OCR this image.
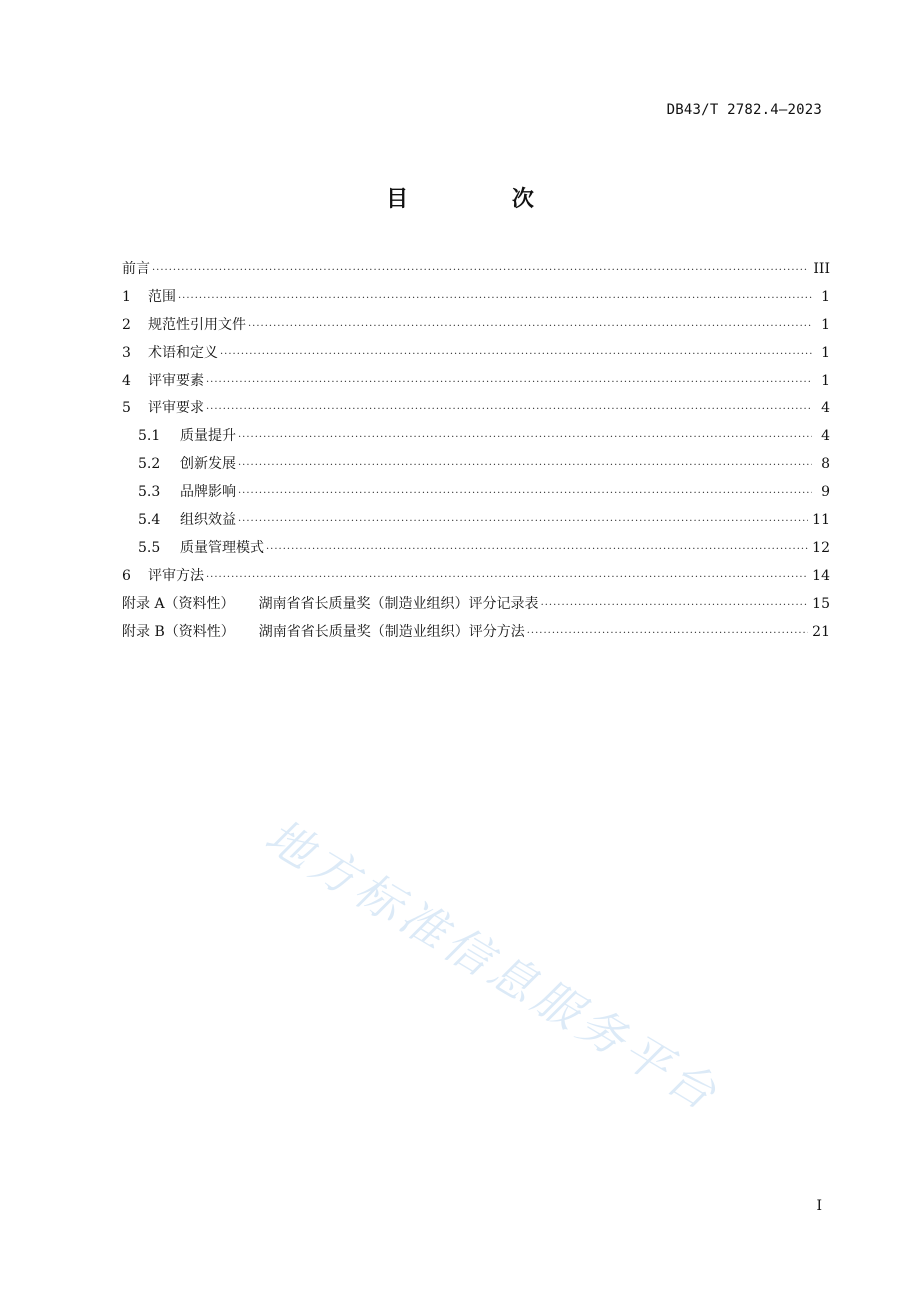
DB43/T 2782.4—2023
目 次
前言 ·····	III
1	范围 ·····	1
2	规范性引用文件 ·····	1
3	术语和定义 ·····	1
4	评审要素 ·····	1
5	评审要求 ·····	4
5.1	质量提升 ·····	4
5.2	创新发展 ·····	8
5.3	品牌影响 ·····	9
5.4	组织效益 ·····	11
5.5	质量管理模式 ·····	12
6	评审方法 ·····	14
附录 A（资料性） 湖南省省长质量奖（制造业组织）评分记录表 ·····	15
附录 B（资料性） 湖南省省长质量奖（制造业组织）评分方法 ·····	21
地方标准信息服务平台
I
